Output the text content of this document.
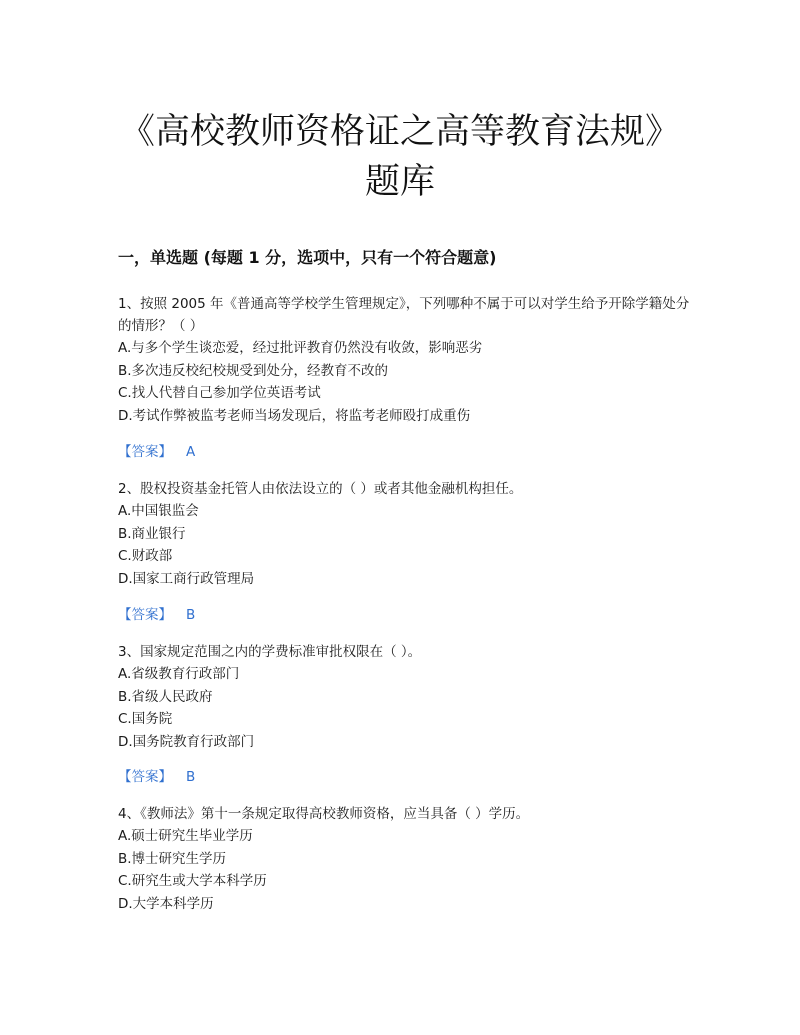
《高校教师资格证之高等教育法规》
题库
一，单选题 (每题 1 分，选项中，只有一个符合题意)
1、按照 2005 年《普通高等学校学生管理规定》，下列哪种不属于可以对学生给予开除学籍处分的情形？（ ）
A.与多个学生谈恋爱，经过批评教育仍然没有收敛，影响恶劣
B.多次违反校纪校规受到处分，经教育不改的
C.找人代替自己参加学位英语考试
D.考试作弊被监考老师当场发现后，将监考老师殴打成重伤
【答案】 A
2、股权投资基金托管人由依法设立的（ ）或者其他金融机构担任。
A.中国银监会
B.商业银行
C.财政部
D.国家工商行政管理局
【答案】 B
3、国家规定范围之内的学费标准审批权限在（ ）。
A.省级教育行政部门
B.省级人民政府
C.国务院
D.国务院教育行政部门
【答案】 B
4、《教师法》第十一条规定取得高校教师资格，应当具备（ ）学历。
A.硕士研究生毕业学历
B.博士研究生学历
C.研究生或大学本科学历
D.大学本科学历
